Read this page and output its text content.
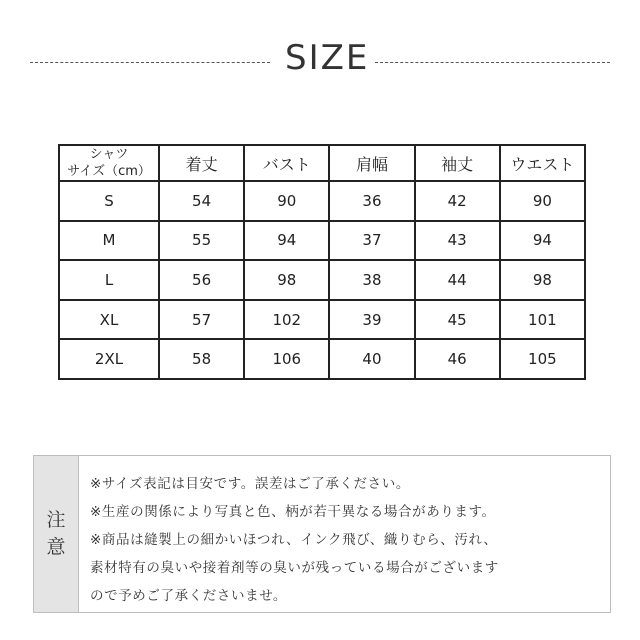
SIZE
シャツ
サイズ（cm）	着丈	バスト	肩幅	袖丈	ウエスト
S	54	90	36	42	90
M	55	94	37	43	94
L	56	98	38	44	98
XL	57	102	39	45	101
2XL	58	106	40	46	105
注
意
※サイズ表記は目安です。誤差はご了承ください。
※生産の関係により写真と色、柄が若干異なる場合があります。
※商品は縫製上の細かいほつれ、インク飛び、織りむら、汚れ、
素材特有の臭いや接着剤等の臭いが残っている場合がございます
ので予めご了承くださいませ。
